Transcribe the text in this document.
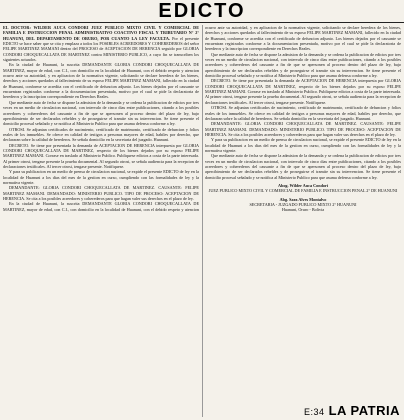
EDICTO

EL DOCTOR: WILDER AUCA CONDORI JUEZ PUBLICO MIXTO CIVIL Y COMERCIAL DE FAMILIA E INSTRUCCION PENAL ADMINISTRATIVO COACTIVO FISCAL Y TRIBUTARIO N° 2° HUANUNI, DEL DEPARTAMENTO DE ORURO, POR CUANTO LA LEY FACULTA. Por el presente EDICTO se hace saber que se cita y emplaza a todos los POSIBLES ACREEDORES Y COHEREDEROS del señor FELIPE MARTINEZ MAMANI dentro del PROCESO de ACEPTACION DE HERENCIA seguido por GLORIA CONDORI CHOQUECALLATA DE MARTINEZ contra MINISTERIO PUBLICO, a cuyo fin se transcriben los siguientes actuados.

En la ciudad de Huanuni, la suscrita DEMANDANTE GLORIA CONDORI CHOQUECALLATA DE MARTINEZ, mayor de edad, con C.I., con domicilio en la localidad de Huanuni, con el debido respeto y atencion ocurro ante su autoridad, y en aplicacion de la normativa vigente, solicitando se declare heredera de los bienes, derechos y acciones quedados al fallecimiento de su esposo FELIPE MARTINEZ MAMANI, fallecido en la ciudad de Huanuni, conforme se acredita con el certificado de defuncion adjunto. Los bienes dejados por el causante se encuentran registrados conforme a la documentacion presentada, motivo por el cual se pide la declaratoria de herederos y la inscripcion correspondiente en Derechos Reales.

Que mediante auto de fecha se dispone la admision de la demanda y se ordena la publicacion de edictos por tres veces en un medio de circulacion nacional, con intervalo de cinco dias entre publicaciones, citando a los posibles acreedores y coherederos del causante a fin de que se apersonen al proceso dentro del plazo de ley, bajo apercibimiento de ser declarados rebeldes y de proseguirse el tramite sin su intervencion. Se tiene presente el domicilio procesal señalado y se notifica al Ministerio Publico para que asuma defensa conforme a ley.

OTROSI. Se adjuntan certificados de nacimiento, certificado de matrimonio, certificado de defuncion y folios reales de los inmuebles. Se ofrece en calidad de testigos a personas mayores de edad, habiles por derecho, que declararan sobre la calidad de herederos. Se señala domicilio en la secretaria del juzgado. Huanuni.

DECRETO. Se tiene por presentada la demanda de ACEPTACION DE HERENCIA interpuesta por GLORIA CONDORI CHOQUECALLATA DE MARTINEZ, respecto de los bienes dejados por su esposo FELIPE MARTINEZ MAMANI. Corrase en traslado al Ministerio Publico. Publiquese edictos a costa de la parte interesada. Al primer otrosi, tengase presente la prueba documental. Al segundo otrosi, se señala audiencia para la recepcion de declaraciones testificales. Al tercer otrosi, tengase presente. Notifiquese.

Y para su publicacion en un medio de prensa de circulacion nacional, se expide el presente EDICTO de ley en la localidad de Huanuni a los dias del mes de la gestion en curso, cumpliendo con las formalidades de ley y la normativa vigente.

DEMANDANTE: GLORIA CONDORI CHOQUECALLATA DE MARTINEZ. CAUSANTE: FELIPE MARTINEZ MAMANI. DEMANDADO: MINISTERIO PUBLICO. TIPO DE PROCESO: ACEPTACION DE HERENCIA. Se cita a los posibles acreedores y coherederos para que hagan valer sus derechos en el plazo de ley.

En la ciudad de Huanuni, la suscrita DEMANDANTE GLORIA CONDORI CHOQUECALLATA DE MARTINEZ, mayor de edad, con C.I., con domicilio en la localidad de Huanuni, con el debido respeto y atencion ocurro ante su autoridad, y en aplicacion de la normativa vigente, solicitando se declare heredera de los bienes, derechos y acciones quedados al fallecimiento de su esposo FELIPE MARTINEZ MAMANI, fallecido en la ciudad de Huanuni, conforme se acredita con el certificado de defuncion adjunto. Los bienes dejados por el causante se encuentran registrados conforme a la documentacion presentada, motivo por el cual se pide la declaratoria de herederos y la inscripcion correspondiente en Derechos Reales.

Que mediante auto de fecha se dispone la admision de la demanda y se ordena la publicacion de edictos por tres veces en un medio de circulacion nacional, con intervalo de cinco dias entre publicaciones, citando a los posibles acreedores y coherederos del causante a fin de que se apersonen al proceso dentro del plazo de ley, bajo apercibimiento de ser declarados rebeldes y de proseguirse el tramite sin su intervencion. Se tiene presente el domicilio procesal señalado y se notifica al Ministerio Publico para que asuma defensa conforme a ley.

DECRETO. Se tiene por presentada la demanda de ACEPTACION DE HERENCIA interpuesta por GLORIA CONDORI CHOQUECALLATA DE MARTINEZ, respecto de los bienes dejados por su esposo FELIPE MARTINEZ MAMANI. Corrase en traslado al Ministerio Publico. Publiquese edictos a costa de la parte interesada. Al primer otrosi, tengase presente la prueba documental. Al segundo otrosi, se señala audiencia para la recepcion de declaraciones testificales. Al tercer otrosi, tengase presente. Notifiquese.

OTROSI. Se adjuntan certificados de nacimiento, certificado de matrimonio, certificado de defuncion y folios reales de los inmuebles. Se ofrece en calidad de testigos a personas mayores de edad, habiles por derecho, que declararan sobre la calidad de herederos. Se señala domicilio en la secretaria del juzgado. Huanuni.

DEMANDANTE: GLORIA CONDORI CHOQUECALLATA DE MARTINEZ. CAUSANTE: FELIPE MARTINEZ MAMANI. DEMANDADO: MINISTERIO PUBLICO. TIPO DE PROCESO: ACEPTACION DE HERENCIA. Se cita a los posibles acreedores y coherederos para que hagan valer sus derechos en el plazo de ley.

Y para su publicacion en un medio de prensa de circulacion nacional, se expide el presente EDICTO de ley en la localidad de Huanuni a los dias del mes de la gestion en curso, cumpliendo con las formalidades de ley y la normativa vigente.

Que mediante auto de fecha se dispone la admision de la demanda y se ordena la publicacion de edictos por tres veces en un medio de circulacion nacional, con intervalo de cinco dias entre publicaciones, citando a los posibles acreedores y coherederos del causante a fin de que se apersonen al proceso dentro del plazo de ley, bajo apercibimiento de ser declarados rebeldes y de proseguirse el tramite sin su intervencion. Se tiene presente el domicilio procesal señalado y se notifica al Ministerio Publico para que asuma defensa conforme a ley.

Abog. Wilder Auca Condori
JUEZ PUBLICO MIXTO CIVIL Y COMERCIAL DE FAMILIA E INSTRUCCION PENAL 2° DE HUANUNI
Abg. Sara Alves Montalvo
SECRETARIA - JUZGADO PUBLICO MIXTO 2° HUANUNI
Huanuni, Oruro - Bolivia
E:34 LA PATRIA
